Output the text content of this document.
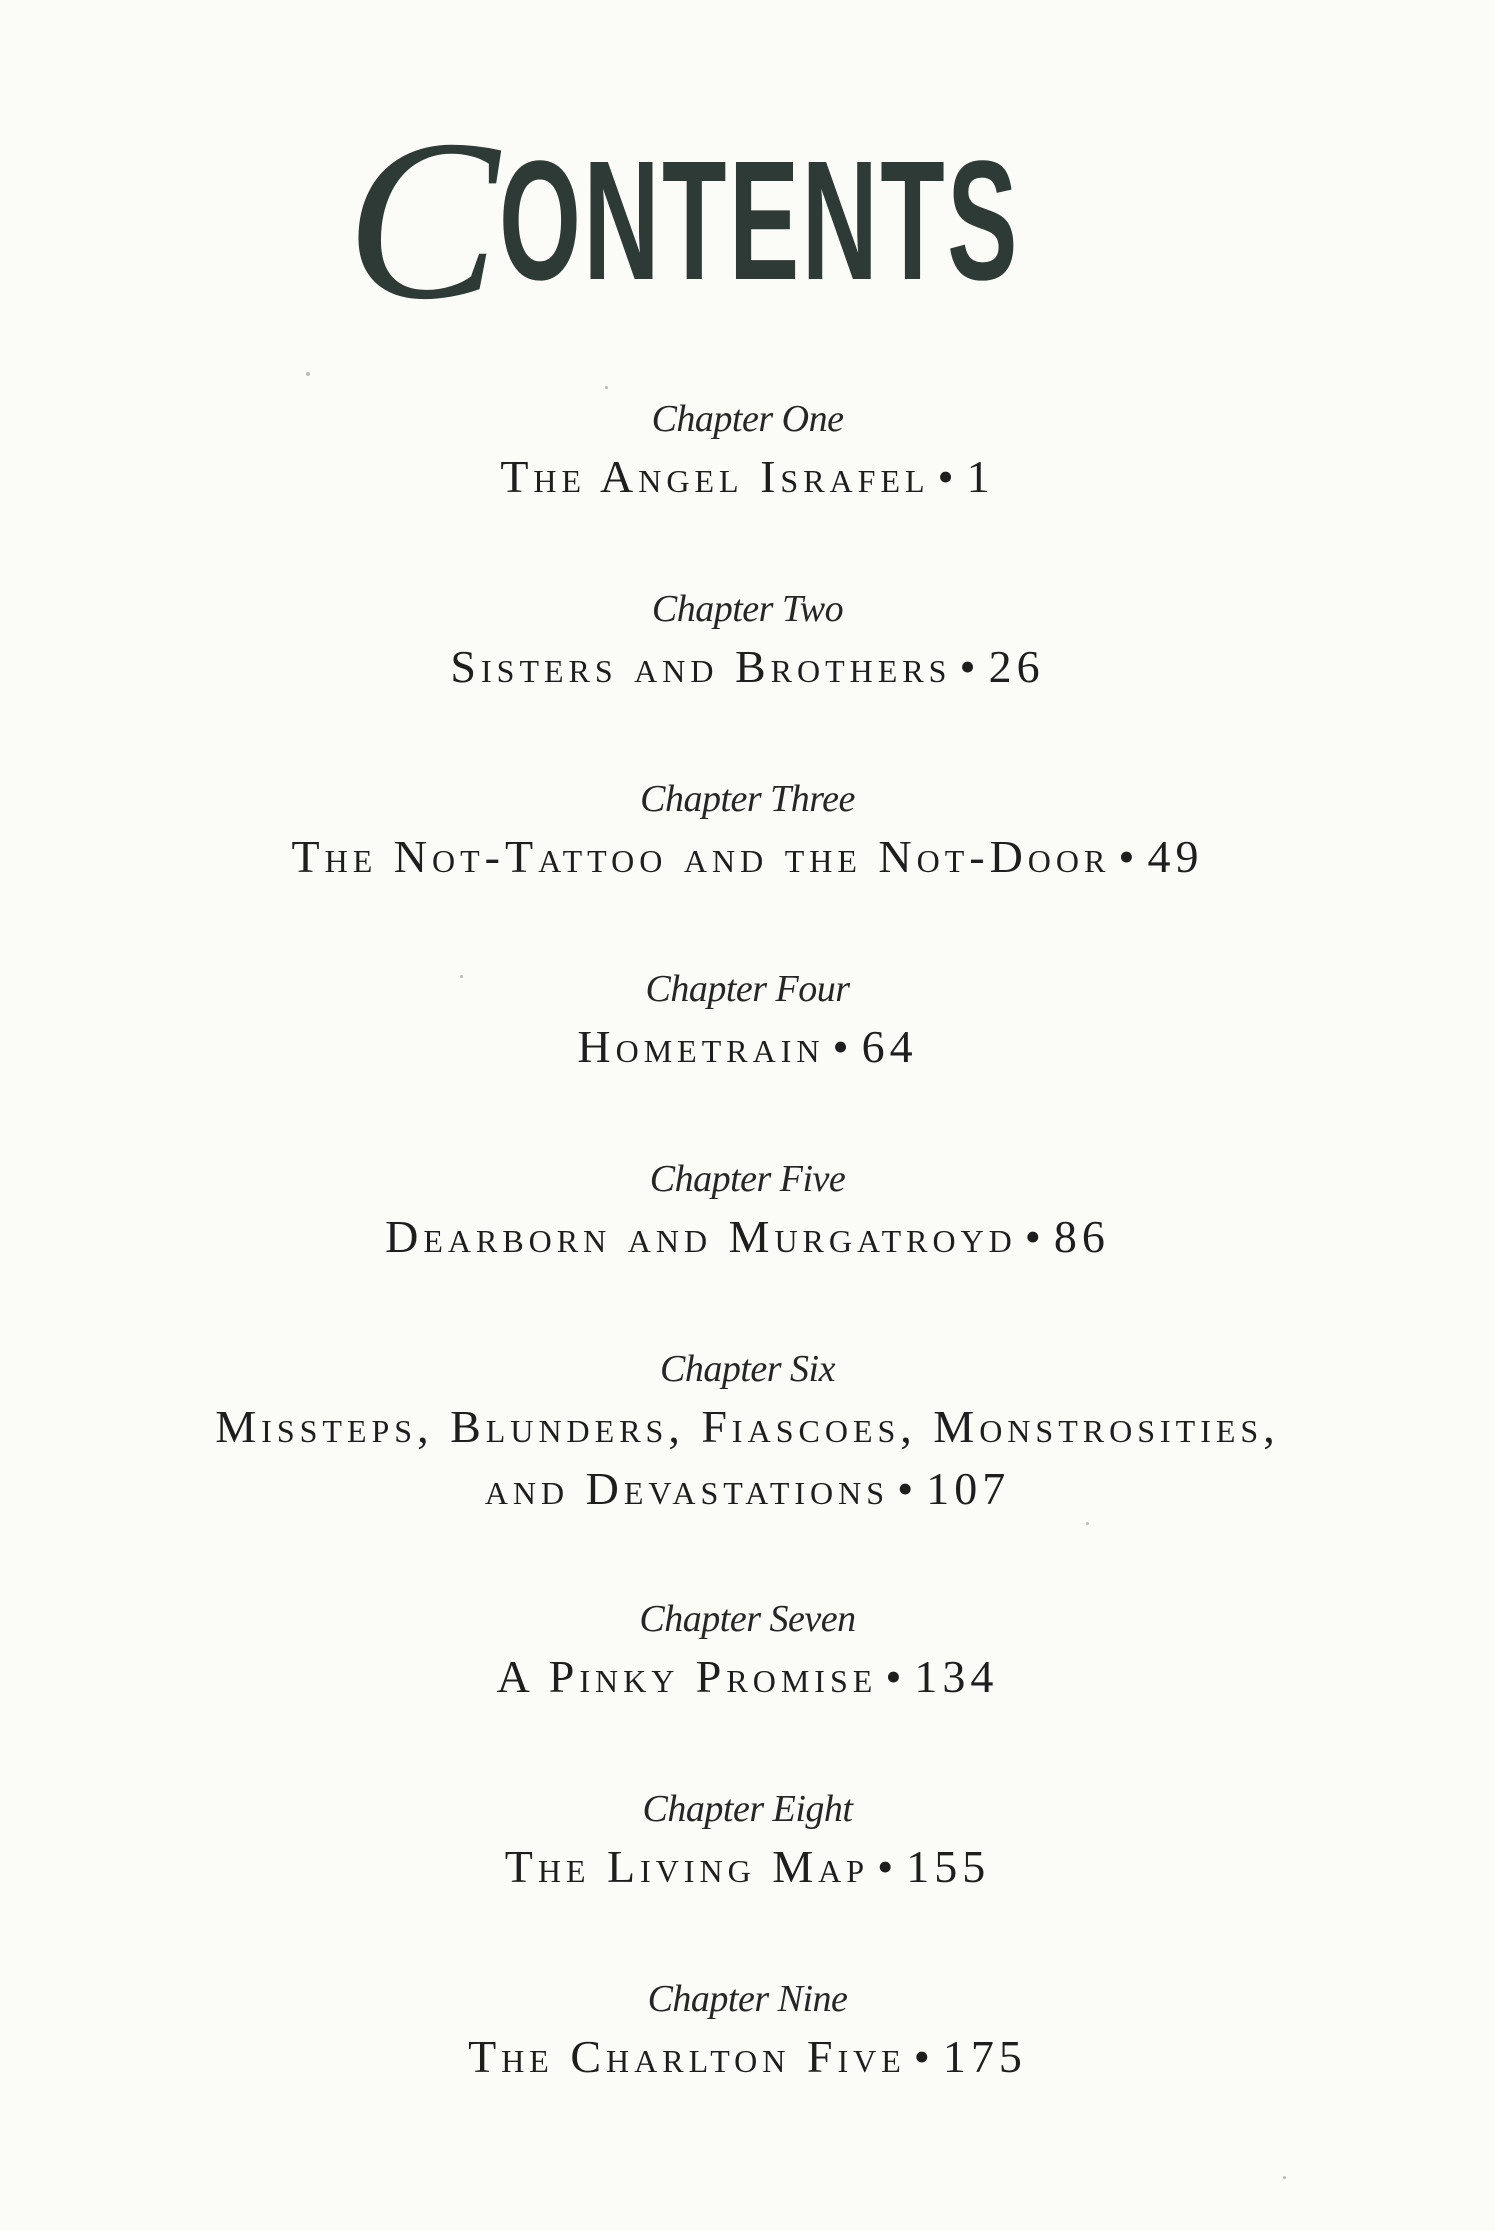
CONTENTS
Chapter One
The Angel Israfel • 1
Chapter Two
Sisters and Brothers • 26
Chapter Three
The Not-Tattoo and the Not-Door • 49
Chapter Four
Hometrain • 64
Chapter Five
Dearborn and Murgatroyd • 86
Chapter Six
Missteps, Blunders, Fiascoes, Monstrosities,
and Devastations • 107
Chapter Seven
A Pinky Promise • 134
Chapter Eight
The Living Map • 155
Chapter Nine
The Charlton Five • 175
